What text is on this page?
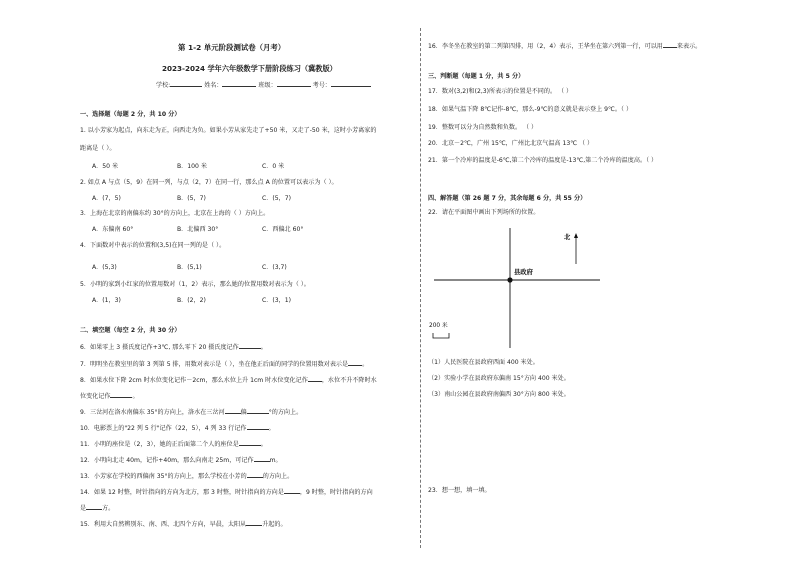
第 1-2 单元阶段测试卷（月考）
2023-2024 学年六年级数学下册阶段练习（冀教版）
学校:	姓名：	班级：	考号：
一、选择题（每题 2 分，共 10 分）
1. 以小芳家为起点，向东走为正，向西走为负。如果小芳从家先走了+50 米，又走了-50 米，这时小芳离家的
距离是（ ）。
A．50 米	B．100 米	C．0 米
2. 如点 A 与点（5，9）在同一列，与点（2，7）在同一行，那么点 A 的位置可以表示为（ ）。
A．(7，5)	B．(5，7)	C．(5，7)
3．上海在北京的南偏东约 30°的方向上，北京在上海的（ ）方向上。
A．东偏南 60°	B．北偏西 30°	C．西偏北 60°
4．下面数对中表示的位置和(3,5)在同一列的是（ ）。
A．(5,3)	B．(5,1)	C．(3,7)
5．小明的家到小红家的位置用数对（1，2）表示，那么她的位置用数对表示为（ ）。
A．(1，3)	B．(2，2)	C．(3，1)
二、填空题（每空 2 分，共 30 分）
6．如果零上 3 摄氏度记作+3℃, 那么零下 20 摄氏度记作	。
7．明明坐在教室里的第 3 列第 5 排，用数对表示是（ ），坐在他正后面的同学的位置用数对表示是 。
8．如果水位下降 2cm 时水位变化记作－2cm，那么水位上升 1cm 时水位变化记作 ，水位不升不降时水
位变化记作	。
9．三岔河在洛水南偏东 35°的方向上，洛水在三岔河	偏	°的方向上。
10．电影票上的"22 列 5 行"记作（22，5），4 列 33 行记作	。
11．小明的座位是（2，3），她的正后面第二个人的座位是	。
12．小明向北走 40m，记作+40m，那么向南走 25m，可记作	m。
13．小芳家在学校的西偏南 35°的方向上，那么学校在小芳的	的方向上。
14．如果 12 时整，时针指向的方向为北方，那 3 时整，时针指向的方向是	，9 时整，时针指向的方向
是	方。
15．利用大自然辨别东、南、西、北四个方向，早晨，太阳从	升起的。
16．李冬坐在教室的第二列第四排，用（2，4）表示，王华坐在第六列第一行，可以用 来表示。
三、判断题（每题 1 分，共 5 分）
17．数对(3,2)和(2,3)所表示的位置是不同的。 （ ）
18．如果气温下降 8℃记作-8℃，那么-9℃的意义就是表示登上 9℃。（ ）
19．整数可以分为自然数和负数。 （ ）
20．北京－2℃，广州 15℃，广州比北京气温高 13℃ （ ）
21．第一个冷库的温度是-6℃,第二个冷库的温度是-13℃,第二个冷库的温度高。（ ）
四、解答题（第 26 题 7 分，其余每题 6 分，共 55 分）
22．请在平面图中画出下列场所的位置。
（1）人民医院在县政府西面 400 米处。
（2）实验小学在县政府东偏南 15°方向 400 米处。
（3）南山公园在县政府南偏西 30°方向 800 米处。
23．想一想，填一填。
县政府
北
200 米
